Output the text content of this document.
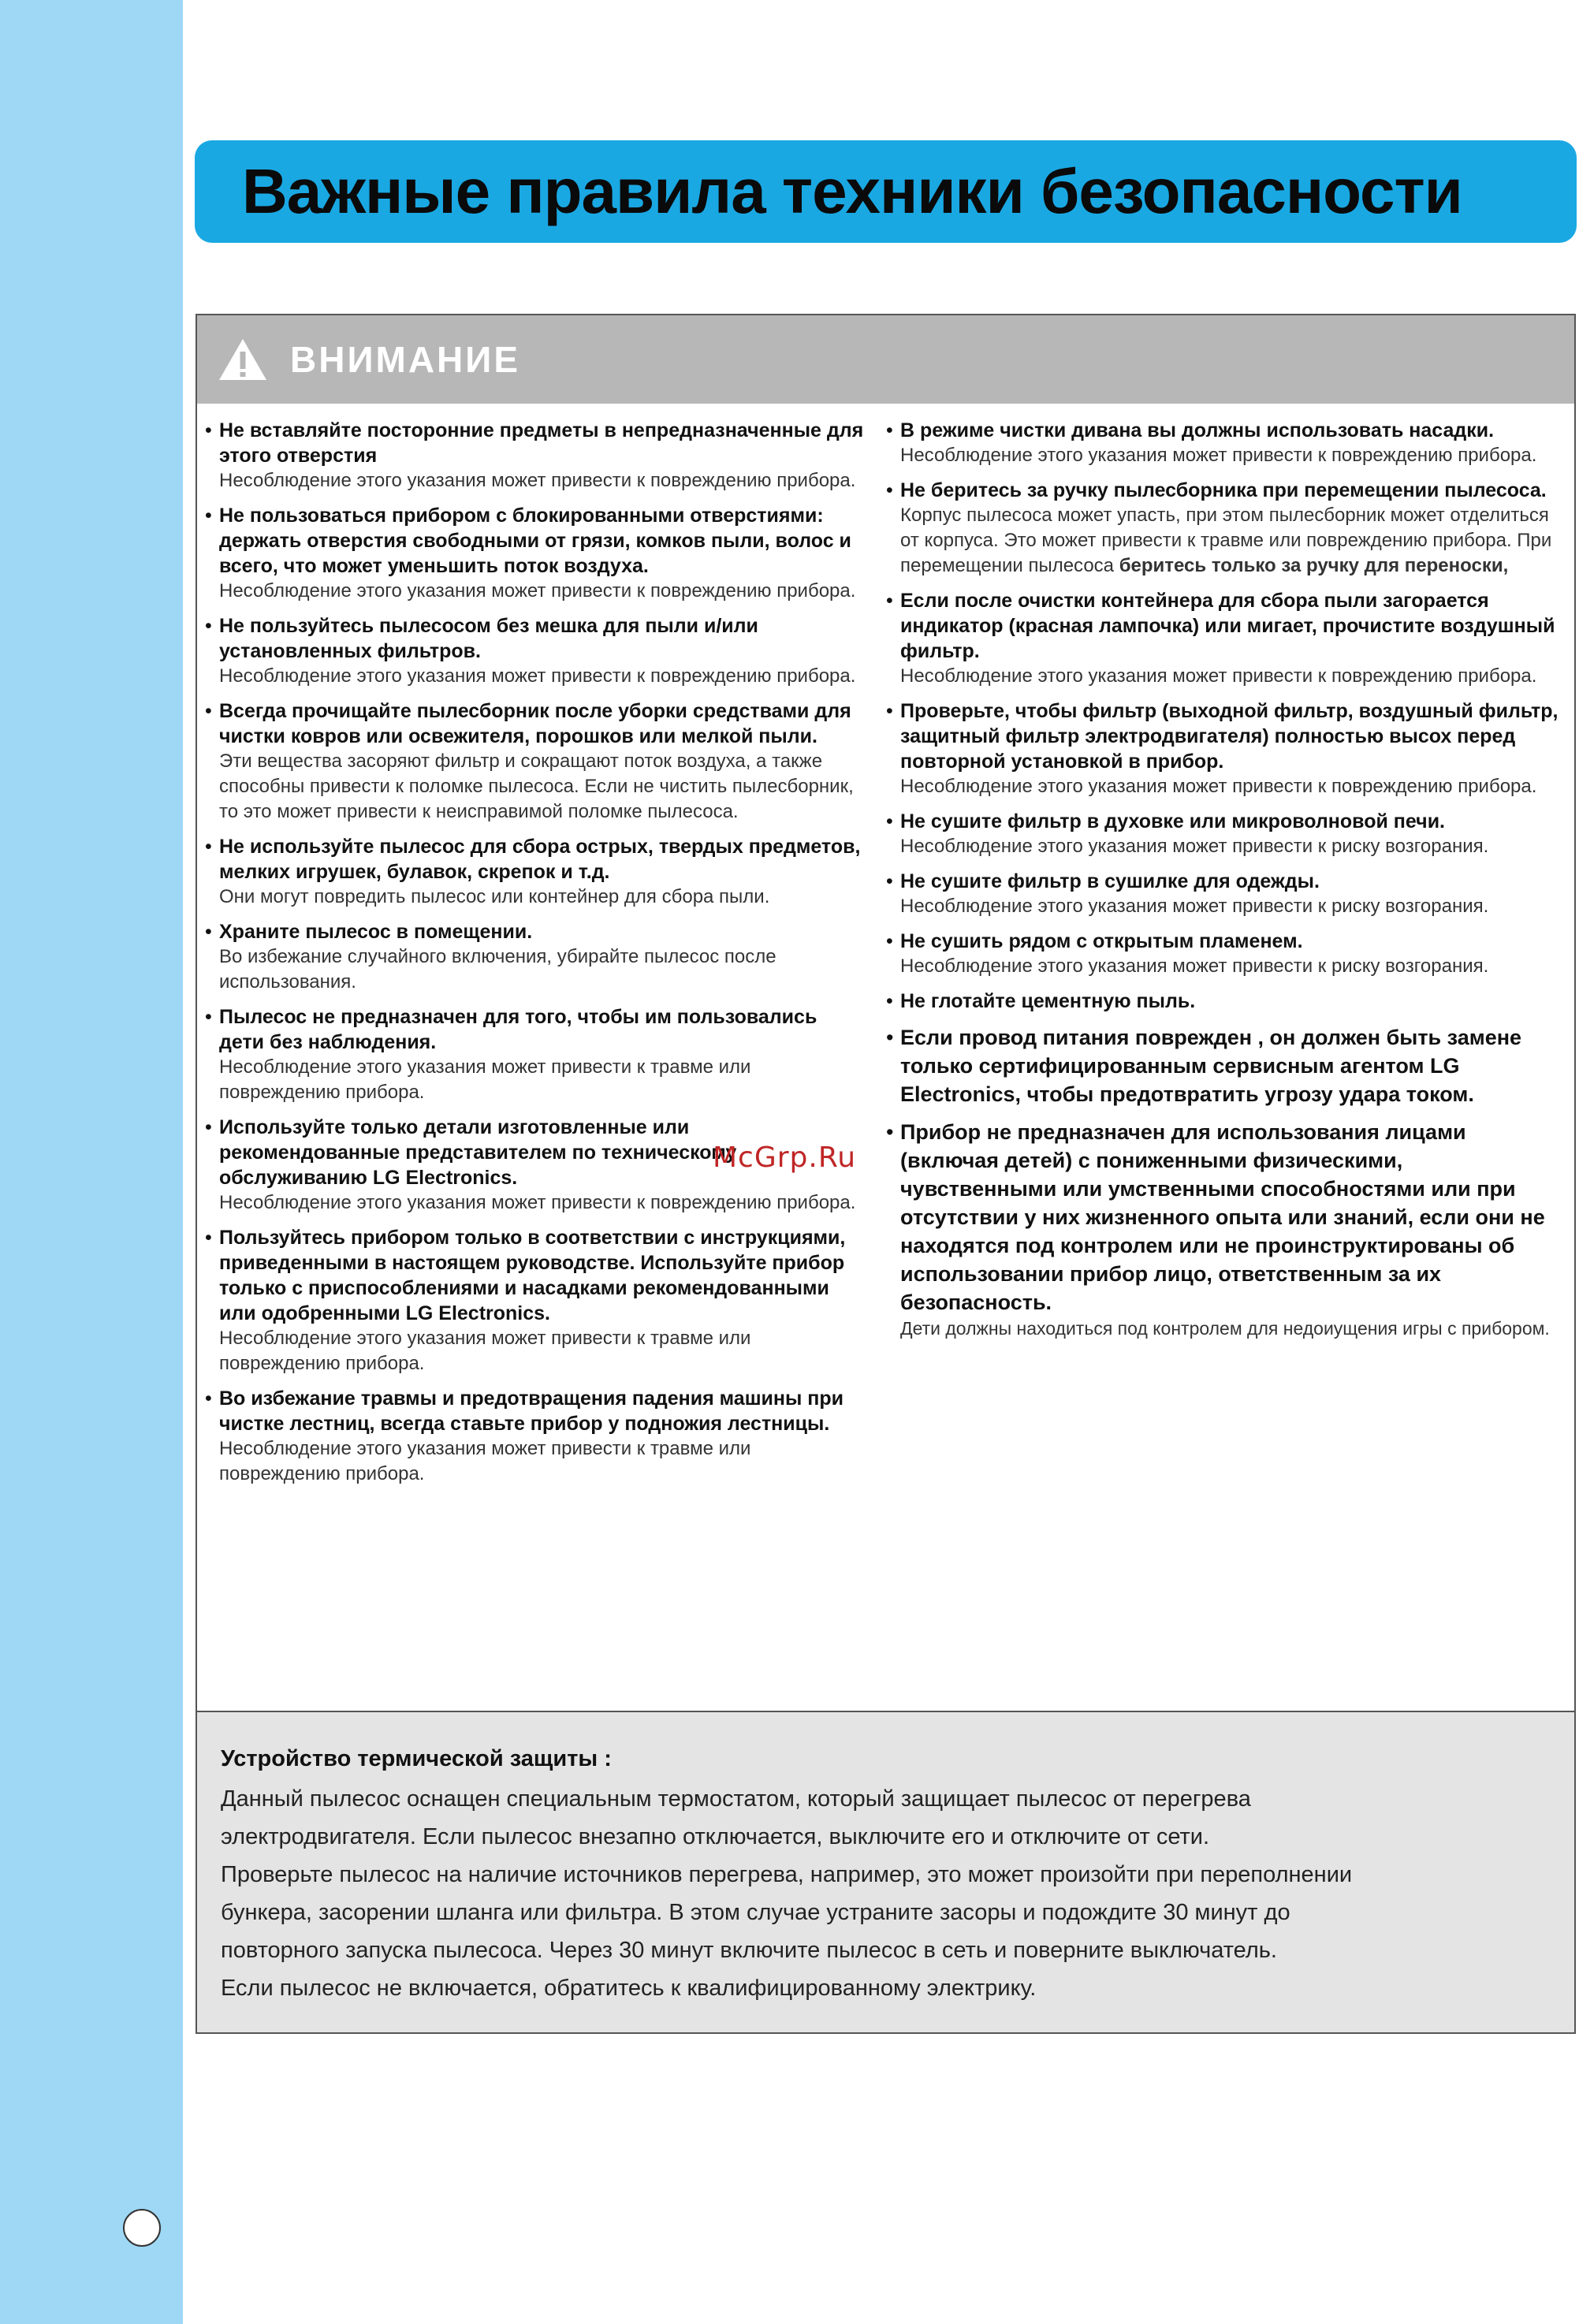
Важные правила техники безопасности
ВНИМАНИЕ
• Не вставляйте посторонние предметы в непредназначенные для этого отверстия
Несоблюдение этого указания может привести к повреждению прибора.
• Не пользоваться прибором с блокированными отверстиями: держать отверстия свободными от грязи, комков пыли, волос и всего, что может уменьшить поток воздуха.
Несоблюдение этого указания может привести к повреждению прибора.
• Не пользуйтесь пылесосом без мешка для пыли и/или установленных фильтров.
Несоблюдение этого указания может привести к повреждению прибора.
• Всегда прочищайте пылесборник после уборки средствами для чистки ковров или освежителя, порошков или мелкой пыли.
Эти вещества засоряют фильтр и сокращают поток воздуха, а также способны привести к поломке пылесоса. Если не чистить пылесборник, то это может привести к неисправимой поломке пылесоса.
• Не используйте пылесос для сбора острых, твердых предметов, мелких игрушек, булавок, скрепок и т.д.
Они могут повредить пылесос или контейнер для сбора пыли.
• Храните пылесос в помещении.
Во избежание случайного включения, убирайте пылесос после использования.
• Пылесос не предназначен для того, чтобы им пользовались дети без наблюдения.
Несоблюдение этого указания может привести к травме или повреждению прибора.
• Используйте только детали изготовленные или рекомендованные представителем по техническому обслуживанию LG Electronics.
Несоблюдение этого указания может привести к повреждению прибора.
• Пользуйтесь прибором только в соответствии с инструкциями, приведенными в настоящем руководстве. Используйте прибор только с приспособлениями и насадками рекомендованными или одобренными LG Electronics.
Несоблюдение этого указания может привести к травме или повреждению прибора.
• Во избежание травмы и предотвращения падения машины при чистке лестниц, всегда ставьте прибор у подножия лестницы.
Несоблюдение этого указания может привести к травме или повреждению прибора.
• В режиме чистки дивана вы должны использовать насадки.
Несоблюдение этого указания может привести к повреждению прибора.
• Не беритесь за ручку пылесборника при перемещении пылесоса.
Корпус пылесоса может упасть, при этом пылесборник может отделиться от корпуса. Это может привести к травме или повреждению прибора. При перемещении пылесоса беритесь только за ручку для переноски,
• Если после очистки контейнера для сбора пыли загорается индикатор (красная лампочка) или мигает, прочистите воздушный фильтр.
Несоблюдение этого указания может привести к повреждению прибора.
• Проверьте, чтобы фильтр (выходной фильтр, воздушный фильтр, защитный фильтр электродвигателя) полностью высох перед повторной установкой в прибор.
Несоблюдение этого указания может привести к повреждению прибора.
• Не сушите фильтр в духовке или микроволновой печи.
Несоблюдение этого указания может привести к риску возгорания.
• Не сушите фильтр в сушилке для одежды.
Несоблюдение этого указания может привести к риску возгорания.
• Не сушить рядом с открытым пламенем.
Несоблюдение этого указания может привести к риску возгорания.
• Не глотайте цементную пыль.
• Если провод питания поврежден , он должен быть замене только сертифицированным сервисным агентом LG Electronics, чтобы предотвратить угрозу удара током.
• Прибор не предназначен для использования лицами (включая детей) с пониженными физическими, чувственными или умственными способностями или при отсутствии у них жизненного опыта или знаний, если они не находятся под контролем или не проинструктированы об использовании прибор лицо, ответственным за их безопасность.
Дети должны находиться под контролем для недоиущения игры с прибором.
Устройство термической защиты :
Данный пылесос оснащен специальным термостатом, который защищает пылесос от перегрева
электродвигателя. Если пылесос внезапно отключается, выключите его и отключите от сети.
Проверьте пылесос на наличие источников перегрева, например, это может произойти при переполнении
бункера, засорении шланга или фильтра. В этом случае устраните засоры и подождите 30 минут до
повторного запуска пылесоса. Через 30 минут включите пылесос в сеть и поверните выключатель.
Если пылесос не включается, обратитесь к квалифицированному электрику.
McGrp.Ru
